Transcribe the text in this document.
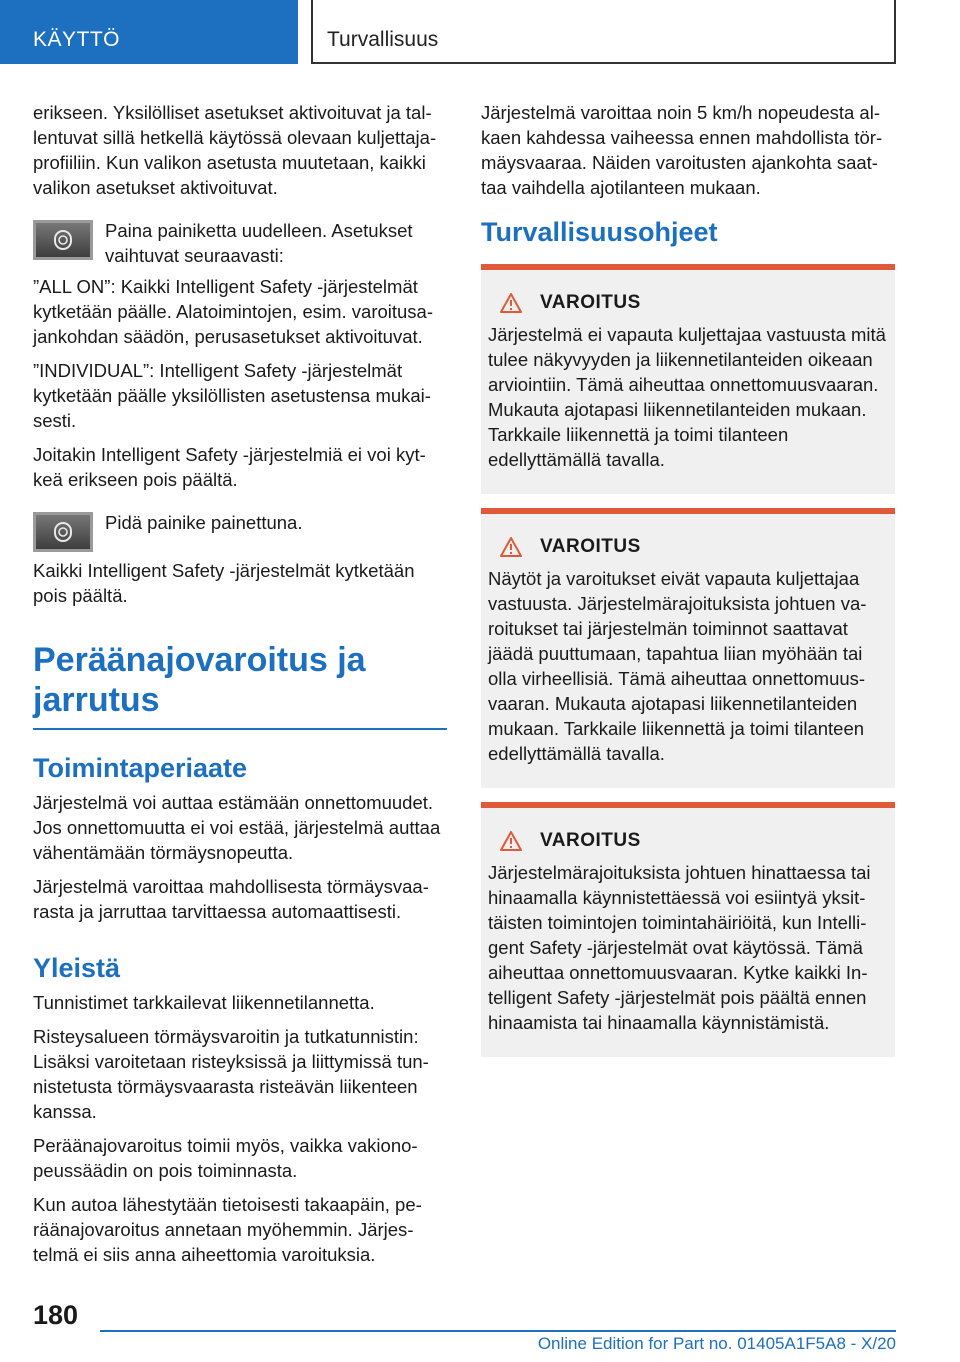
KÄYTTÖ	Turvallisuus

erikseen. Yksilölliset asetukset aktivoituvat ja tallentuvat sillä hetkellä käytössä olevaan kuljettajaprofiiliin. Kun valikon asetusta muutetaan, kaikki valikon asetukset aktivoituvat.

Paina painiketta uudelleen. Asetukset vaihtuvat seuraavasti:

”ALL ON”: Kaikki Intelligent Safety -järjestelmät kytketään päälle. Alatoimintojen, esim. varoitusajankohdan säädön, perusasetukset aktivoituvat.

”INDIVIDUAL”: Intelligent Safety -järjestelmät kytketään päälle yksilöllisten asetustensa mukaisesti.

Joitakin Intelligent Safety -järjestelmiä ei voi kytkeä erikseen pois päältä.

Pidä painike painettuna.

Kaikki Intelligent Safety -järjestelmät kytketään pois päältä.

Peräänajovaroitus ja jarrutus
Toimintaperiaate

Järjestelmä voi auttaa estämään onnettomuudet. Jos onnettomuutta ei voi estää, järjestelmä auttaa vähentämään törmäysnopeutta.

Järjestelmä varoittaa mahdollisesta törmäysvaarasta ja jarruttaa tarvittaessa automaattisesti.

Yleistä

Tunnistimet tarkkailevat liikennetilannetta.

Risteysalueen törmäysvaroitin ja tutkatunnistin: Lisäksi varoitetaan risteyksissä ja liittymissä tunnistetusta törmäysvaarasta risteävän liikenteen kanssa.

Peräänajovaroitus toimii myös, vaikka vakionopeussäädin on pois toiminnasta.

Kun autoa lähestytään tietoisesti takaapäin, peräänajovaroitus annetaan myöhemmin. Järjestelmä ei siis anna aiheettomia varoituksia.

Järjestelmä varoittaa noin 5 km/h nopeudesta alkaen kahdessa vaiheessa ennen mahdollista törmäysvaaraa. Näiden varoitusten ajankohta saattaa vaihdella ajotilanteen mukaan.

Turvallisuusohjeet
VAROITUS

Järjestelmä ei vapauta kuljettajaa vastuusta mitä tulee näkyvyyden ja liikennetilanteiden oikeaan arviointiin. Tämä aiheuttaa onnettomuusvaaran. Mukauta ajotapasi liikennetilanteiden mukaan. Tarkkaile liikennettä ja toimi tilanteen edellyttämällä tavalla.

VAROITUS

Näytöt ja varoitukset eivät vapauta kuljettajaa vastuusta. Järjestelmärajoituksista johtuen varoitukset tai järjestelmän toiminnot saattavat jäädä puuttumaan, tapahtua liian myöhään tai olla virheellisiä. Tämä aiheuttaa onnettomuusvaaran. Mukauta ajotapasi liikennetilanteiden mukaan. Tarkkaile liikennettä ja toimi tilanteen edellyttämällä tavalla.

VAROITUS

Järjestelmärajoituksista johtuen hinattaessa tai hinaamalla käynnistettäessä voi esiintyä yksittäisten toimintojen toimintahäiriöitä, kun Intelligent Safety -järjestelmät ovat käytössä. Tämä aiheuttaa onnettomuusvaaran. Kytke kaikki Intelligent Safety -järjestelmät pois päältä ennen hinaamista tai hinaamalla käynnistämistä.

180
Online Edition for Part no. 01405A1F5A8 - X/20
